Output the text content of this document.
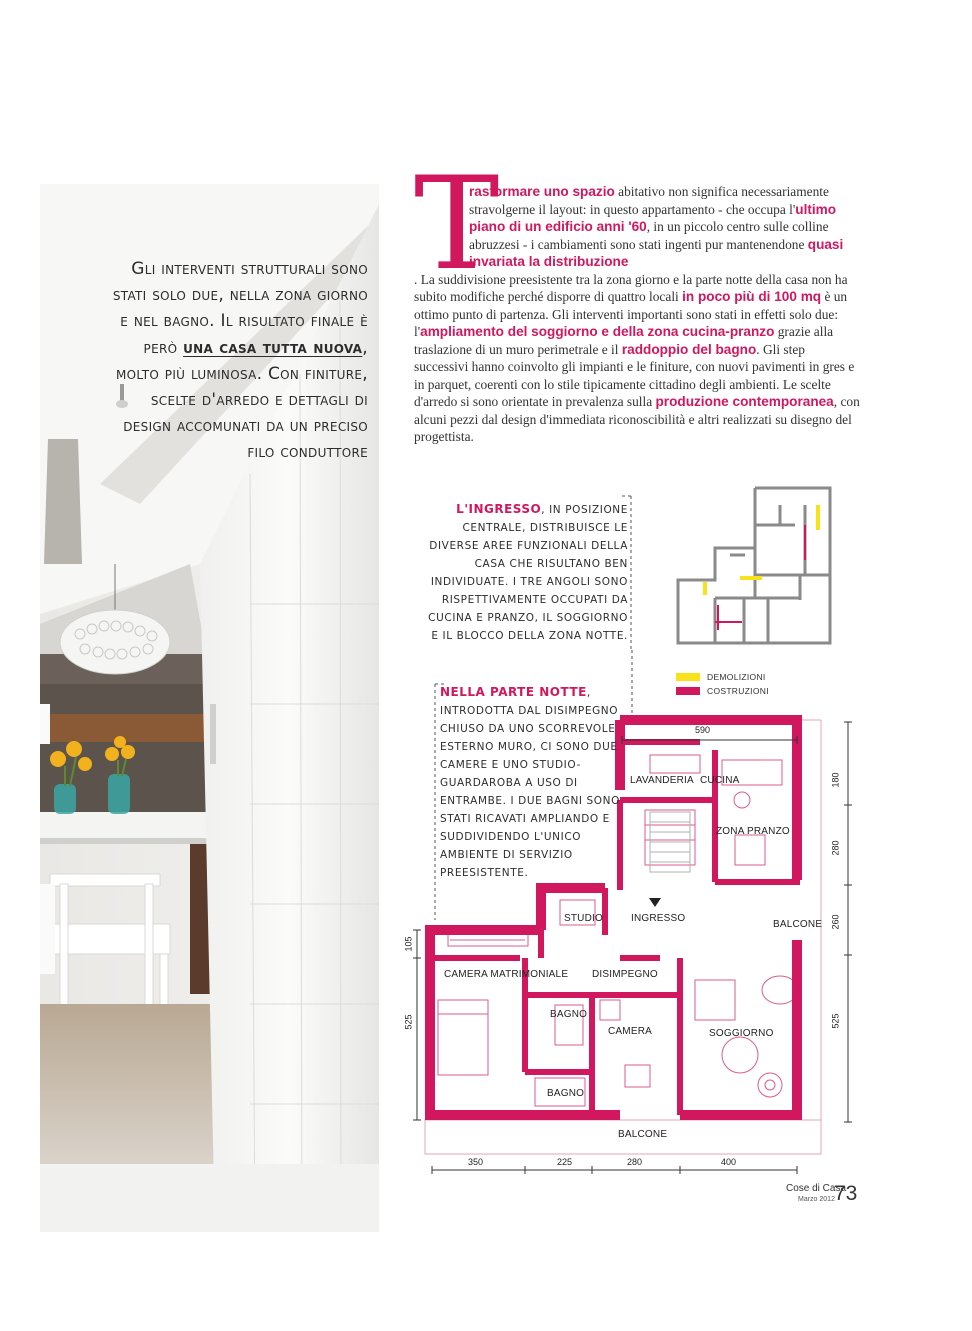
Gli interventi strutturali sono stati solo due, nella zona giorno e nel bagno. Il risultato finale è però una casa tutta nuova, molto più luminosa. Con finiture, scelte d'arredo e dettagli di design accomunati da un preciso filo conduttore
T
rasformare uno spazio abitativo non significa necessariamente stravolgerne il layout: in questo appartamento - che occupa l'ultimo piano di un edificio anni '60, in un piccolo centro sulle colline abruzzesi - i cambiamenti sono stati ingenti pur mantenendone quasi invariata la distribuzione
. La suddivisione preesistente tra la zona giorno e la parte notte della casa non ha subito modifiche perché disporre di quattro locali in poco più di 100 mq è un ottimo punto di partenza. Gli interventi importanti sono stati in effetti solo due: l'ampliamento del soggiorno e della zona cucina-pranzo grazie alla traslazione di un muro perimetrale e il raddoppio del bagno. Gli step successivi hanno coinvolto gli impianti e le finiture, con nuovi pavimenti in gres e in parquet, coerenti con lo stile tipicamente cittadino degli ambienti. Le scelte d'arredo si sono orientate in prevalenza sulla produzione contemporanea, con alcuni pezzi dal design d'immediata riconoscibilità e altri realizzati su disegno del progettista.
L'INGRESSO, IN POSIZIONE CENTRALE, DISTRIBUISCE LE DIVERSE AREE FUNZIONALI DELLA CASA CHE RISULTANO BEN INDIVIDUATE. I TRE ANGOLI SONO RISPETTIVAMENTE OCCUPATI DA CUCINA E PRANZO, IL SOGGIORNO E IL BLOCCO DELLA ZONA NOTTE.
NELLA PARTE NOTTE, INTRODOTTA DAL DISIMPEGNO CHIUSO DA UNO SCORREVOLE ESTERNO MURO, CI SONO DUE CAMERE E UNO STUDIO-GUARDAROBA A USO DI ENTRAMBE. I DUE BAGNI SONO STATI RICAVATI AMPLIANDO E SUDDIVIDENDO L'UNICO AMBIENTE DI SERVIZIO PREESISTENTE.
DEMOLIZIONI
COSTRUZIONI
LAVANDERIA CUCINA
ZONA PRANZO
STUDIO	INGRESSO
BALCONE
CAMERA MATRIMONIALE DISIMPEGNO
BAGNO
CAMERA	SOGGIORNO
BAGNO
BALCONE
590
180
280
260
525
105
525
350	225	280	400
Cose di Casa
Marzo 2012 73
